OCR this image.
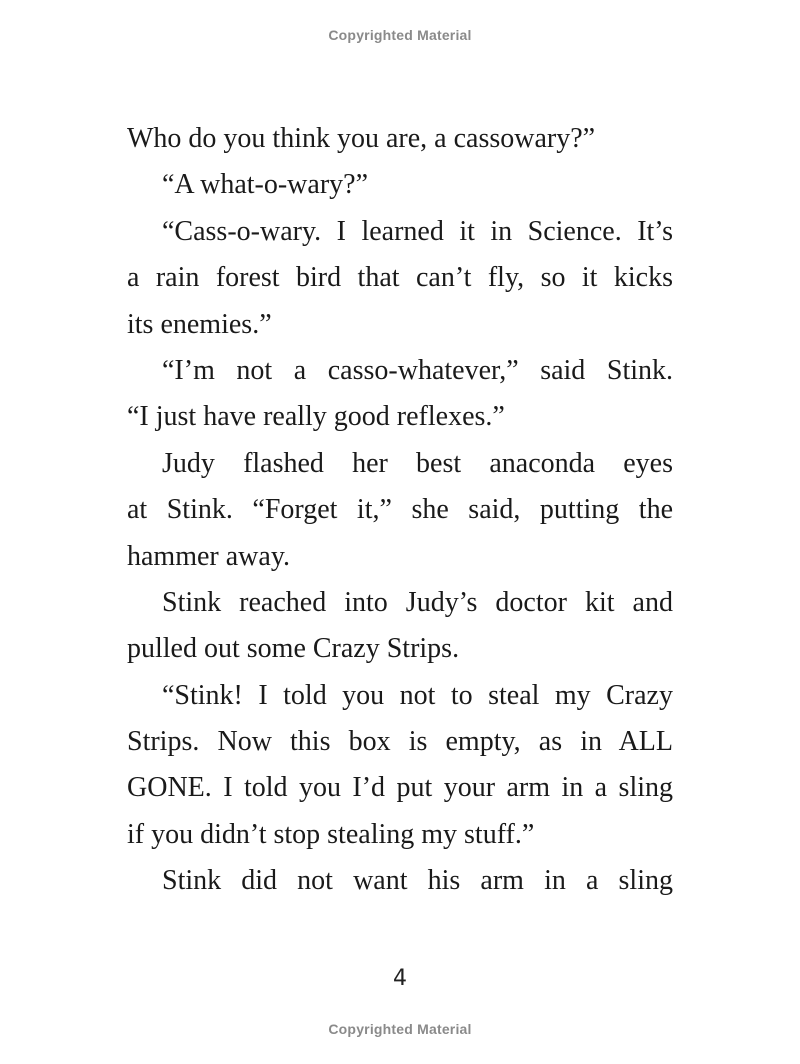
Copyrighted Material
Who do you think you are, a cassowary?”
“A what-o-wary?”
“Cass-o-wary. I learned it in Science. It’s
a rain forest bird that can’t fly, so it kicks
its enemies.”
“I’m not a casso-whatever,” said Stink.
“I just have really good reflexes.”
Judy flashed her best anaconda eyes
at Stink. “Forget it,” she said, putting the
hammer away.
Stink reached into Judy’s doctor kit and
pulled out some Crazy Strips.
“Stink! I told you not to steal my Crazy
Strips. Now this box is empty, as in ALL
GONE. I told you I’d put your arm in a sling
if you didn’t stop stealing my stuff.”
Stink did not want his arm in a sling
4
Copyrighted Material
